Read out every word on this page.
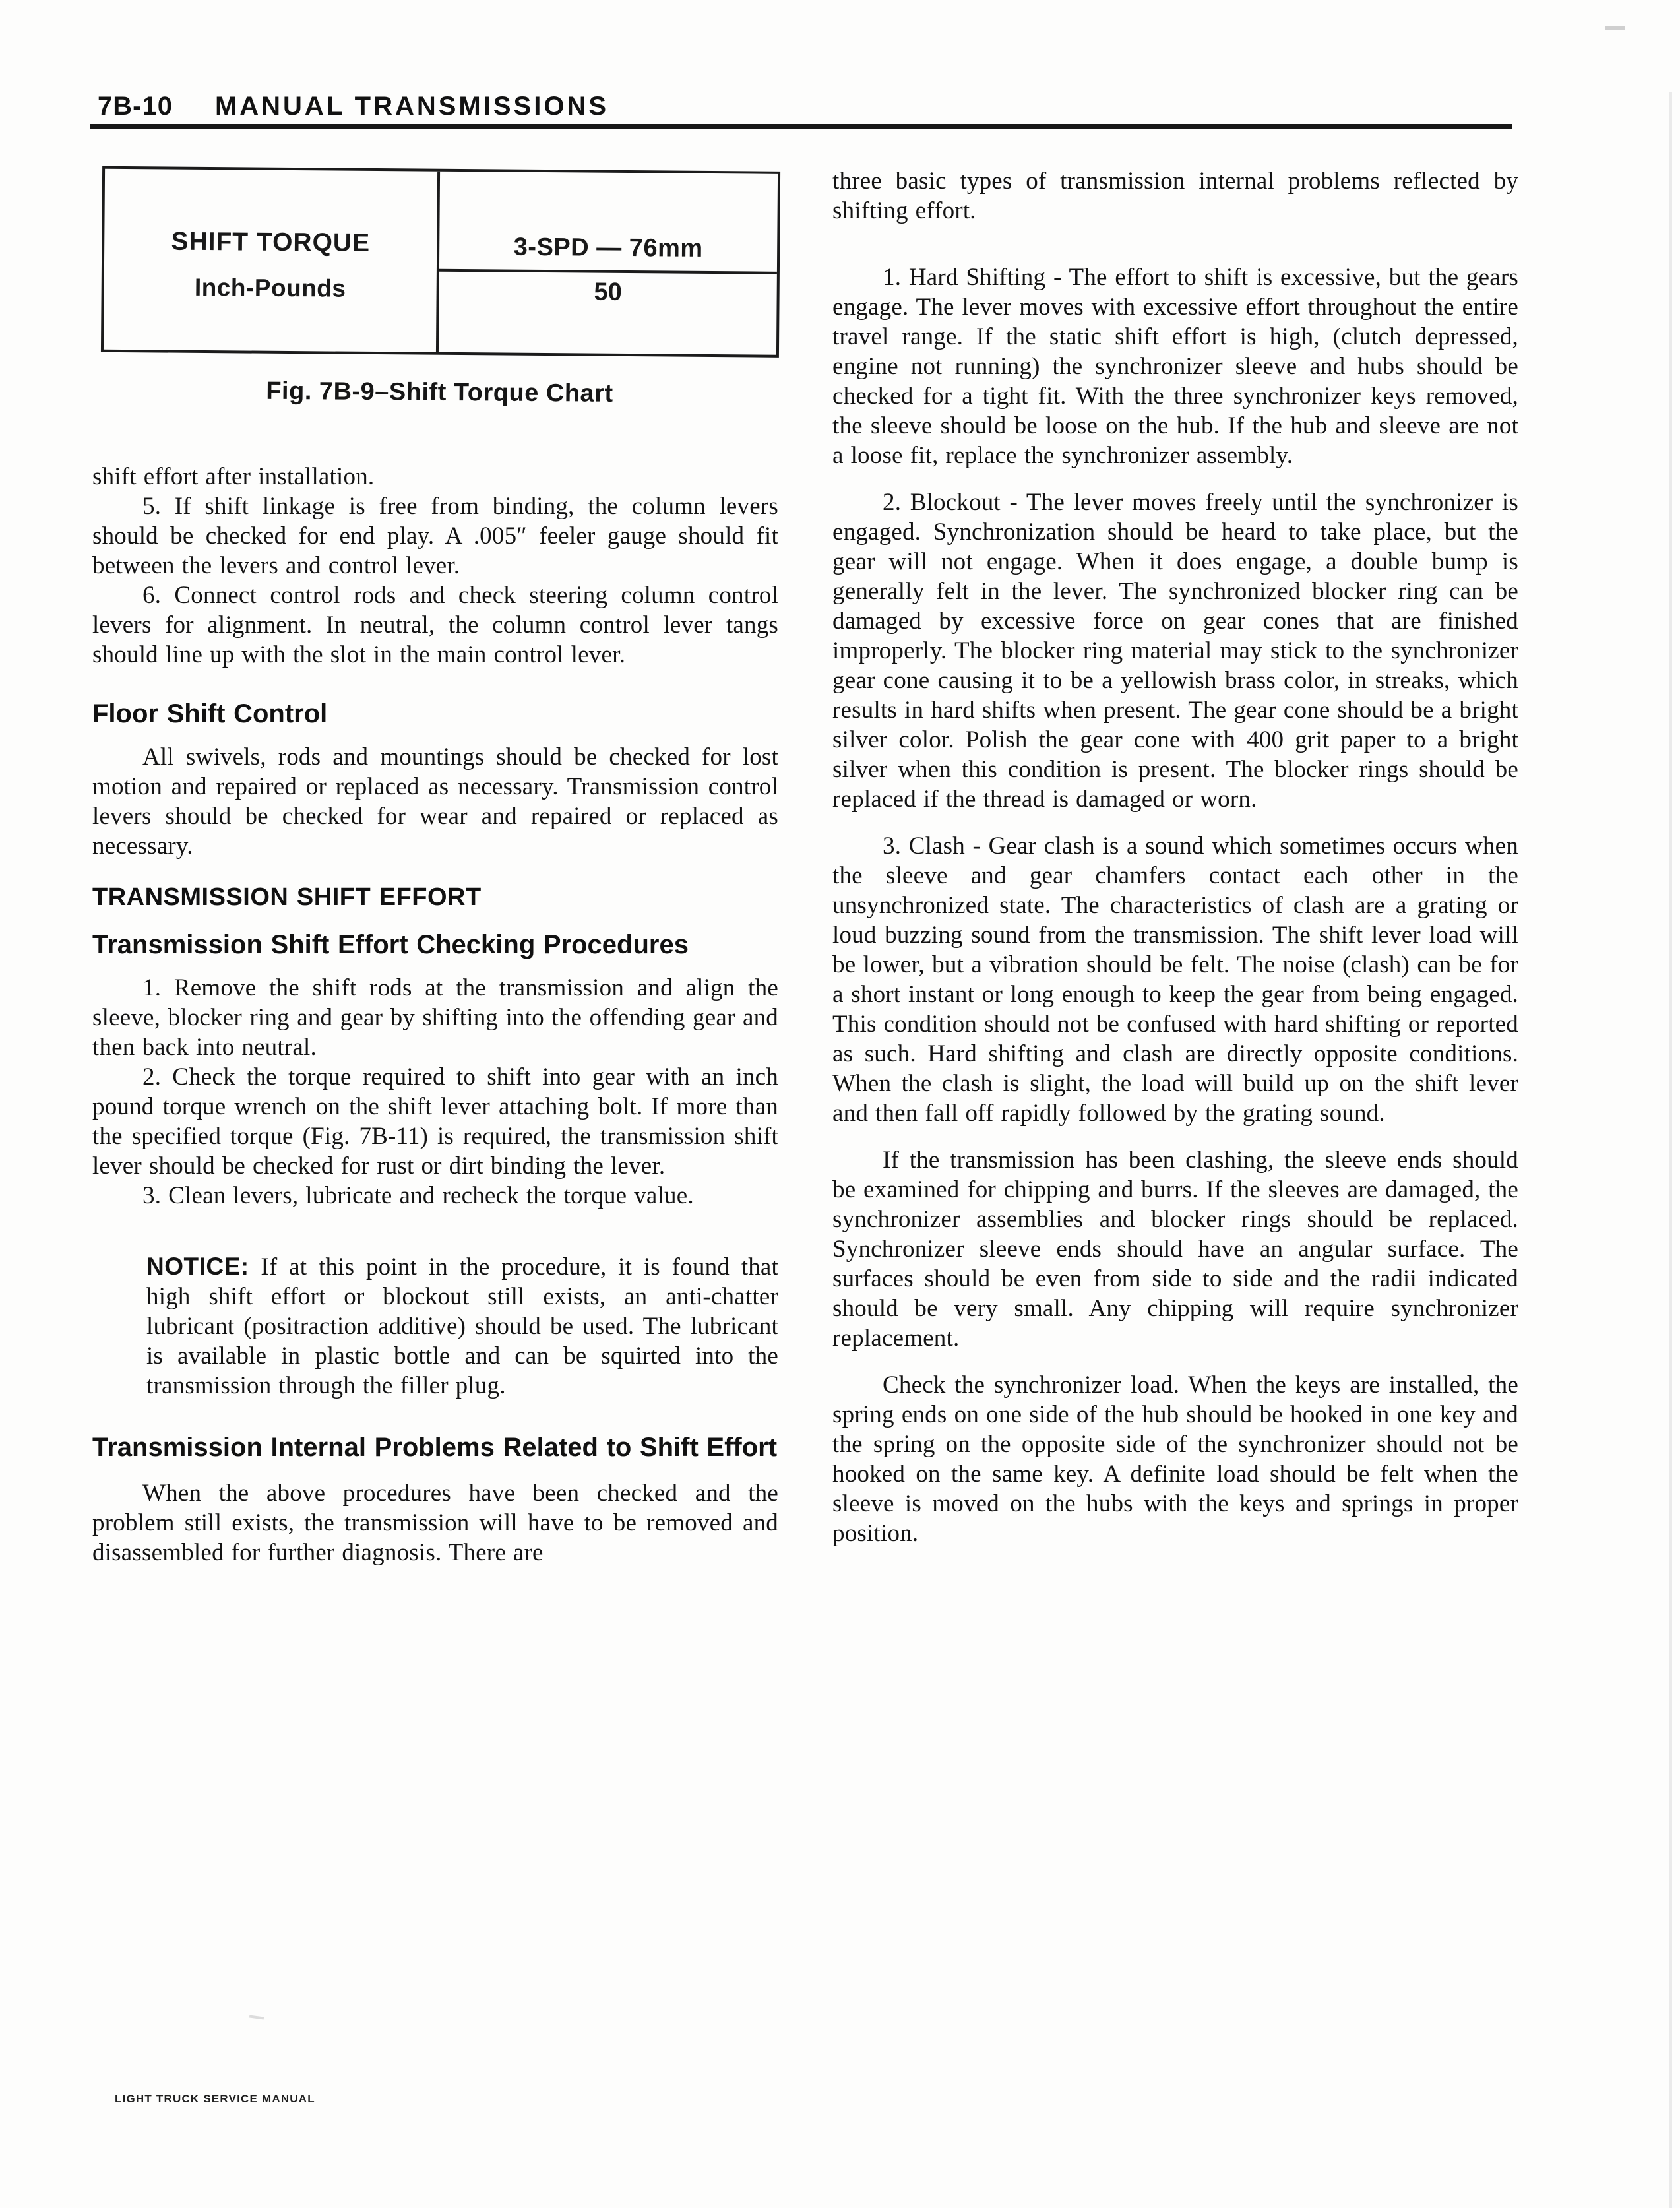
7B-10 MANUAL TRANSMISSIONS
SHIFT TORQUE
Inch-Pounds
3-SPD — 76mm
50
Fig. 7B-9–Shift Torque Chart

shift effort after installation.

5. If shift linkage is free from binding, the column levers should be checked for end play. A .005″ feeler gauge should fit between the levers and control lever.

6. Connect control rods and check steering column control levers for alignment. In neutral, the column control lever tangs should line up with the slot in the main control lever.

Floor Shift Control

All swivels, rods and mountings should be checked for lost motion and repaired or replaced as necessary. Transmission control levers should be checked for wear and repaired or replaced as necessary.

TRANSMISSION SHIFT EFFORT

Transmission Shift Effort Checking Procedures

1. Remove the shift rods at the transmission and align the sleeve, blocker ring and gear by shifting into the offending gear and then back into neutral.

2. Check the torque required to shift into gear with an inch pound torque wrench on the shift lever attaching bolt. If more than the specified torque (Fig. 7B-11) is required, the transmission shift lever should be checked for rust or dirt binding the lever.

3. Clean levers, lubricate and recheck the torque value.

NOTICE: If at this point in the procedure, it is found that high shift effort or blockout still exists, an anti-chatter lubricant (positraction additive) should be used. The lubricant is available in plastic bottle and can be squirted into the transmission through the filler plug.

Transmission Internal Problems Related to Shift Effort

When the above procedures have been checked and the problem still exists, the transmission will have to be removed and disassembled for further diagnosis. There are

three basic types of transmission internal problems reflected by shifting effort.

1. Hard Shifting - The effort to shift is excessive, but the gears engage. The lever moves with excessive effort throughout the entire travel range. If the static shift effort is high, (clutch depressed, engine not running) the synchronizer sleeve and hubs should be checked for a tight fit. With the three synchronizer keys removed, the sleeve should be loose on the hub. If the hub and sleeve are not a loose fit, replace the synchronizer assembly.

2. Blockout - The lever moves freely until the synchronizer is engaged. Synchronization should be heard to take place, but the gear will not engage. When it does engage, a double bump is generally felt in the lever. The synchronized blocker ring can be damaged by excessive force on gear cones that are finished improperly. The blocker ring material may stick to the synchronizer gear cone causing it to be a yellowish brass color, in streaks, which results in hard shifts when present. The gear cone should be a bright silver color. Polish the gear cone with 400 grit paper to a bright silver when this condition is present. The blocker rings should be replaced if the thread is damaged or worn.

3. Clash - Gear clash is a sound which sometimes occurs when the sleeve and gear chamfers contact each other in the unsynchronized state. The characteristics of clash are a grating or loud buzzing sound from the transmission. The shift lever load will be lower, but a vibration should be felt. The noise (clash) can be for a short instant or long enough to keep the gear from being engaged. This condition should not be confused with hard shifting or reported as such. Hard shifting and clash are directly opposite conditions. When the clash is slight, the load will build up on the shift lever and then fall off rapidly followed by the grating sound.

If the transmission has been clashing, the sleeve ends should be examined for chipping and burrs. If the sleeves are damaged, the synchronizer assemblies and blocker rings should be replaced. Synchronizer sleeve ends should have an angular surface. The surfaces should be even from side to side and the radii indicated should be very small. Any chipping will require synchronizer replacement.

Check the synchronizer load. When the keys are installed, the spring ends on one side of the hub should be hooked in one key and the spring on the opposite side of the synchronizer should not be hooked on the same key. A definite load should be felt when the sleeve is moved on the hubs with the keys and springs in proper position.

LIGHT TRUCK SERVICE MANUAL
